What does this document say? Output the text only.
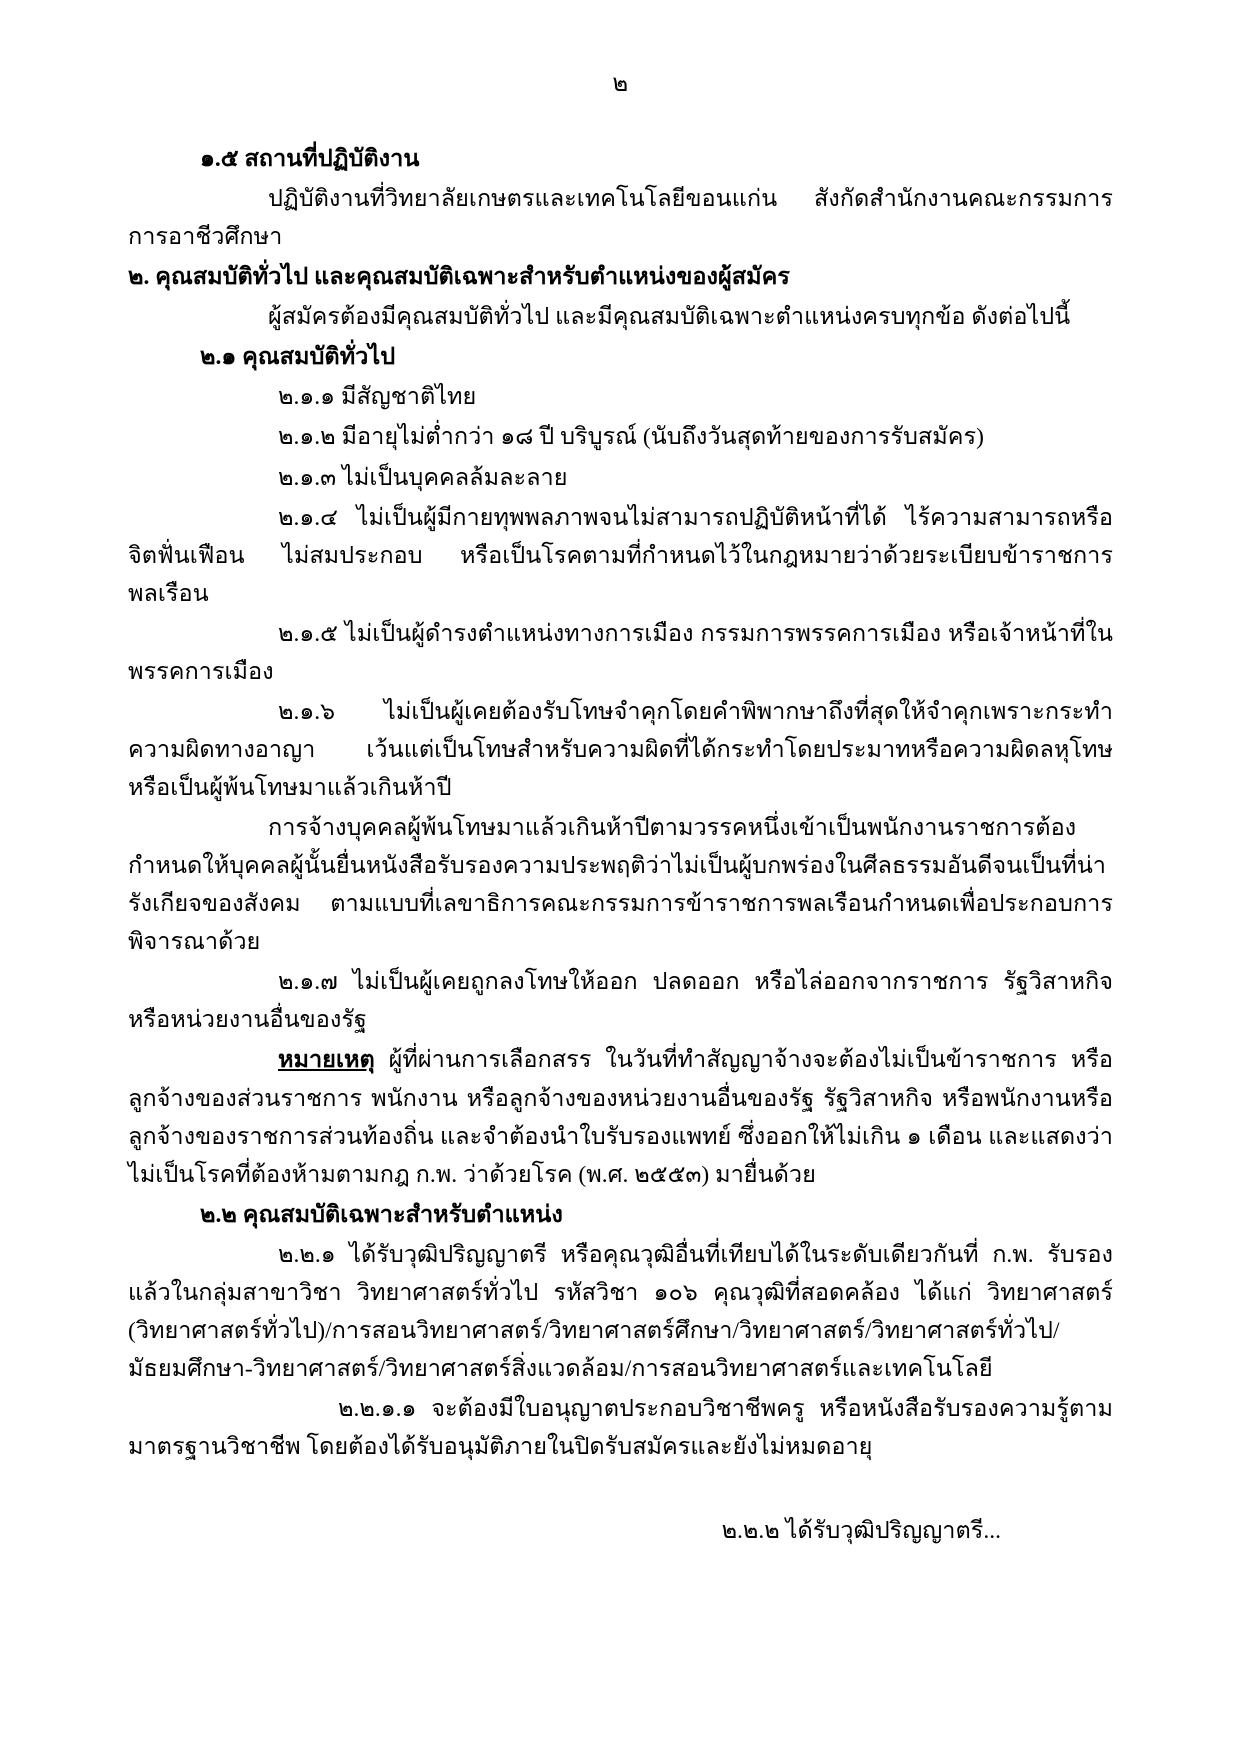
๒

๑.๕ สถานที่ปฏิบัติงาน

ปฏิบัติงานที่วิทยาลัยเกษตรและเทคโนโลยีขอนแก่น สังกัดสำนักงานคณะกรรมการการอาชีวศึกษา

๒. คุณสมบัติทั่วไป และคุณสมบัติเฉพาะสำหรับตำแหน่งของผู้สมัคร

ผู้สมัครต้องมีคุณสมบัติทั่วไป และมีคุณสมบัติเฉพาะตำแหน่งครบทุกข้อ ดังต่อไปนี้

๒.๑ คุณสมบัติทั่วไป

๒.๑.๑ มีสัญชาติไทย

๒.๑.๒ มีอายุไม่ต่ำกว่า ๑๘ ปี บริบูรณ์ (นับถึงวันสุดท้ายของการรับสมัคร)

๒.๑.๓ ไม่เป็นบุคคลล้มละลาย

๒.๑.๔ ไม่เป็นผู้มีกายทุพพลภาพจนไม่สามารถปฏิบัติหน้าที่ได้ ไร้ความสามารถหรือจิตฟั่นเฟือน ไม่สมประกอบ หรือเป็นโรคตามที่กำหนดไว้ในกฎหมายว่าด้วยระเบียบข้าราชการพลเรือน

๒.๑.๕ ไม่เป็นผู้ดำรงตำแหน่งทางการเมือง กรรมการพรรคการเมือง หรือเจ้าหน้าที่ในพรรคการเมือง

๒.๑.๖ ไม่เป็นผู้เคยต้องรับโทษจำคุกโดยคำพิพากษาถึงที่สุดให้จำคุกเพราะกระทำความผิดทางอาญา เว้นแต่เป็นโทษสำหรับความผิดที่ได้กระทำโดยประมาทหรือความผิดลหุโทษ หรือเป็นผู้พ้นโทษมาแล้วเกินห้าปี

การจ้างบุคคลผู้พ้นโทษมาแล้วเกินห้าปีตามวรรคหนึ่งเข้าเป็นพนักงานราชการต้องกำหนดให้บุคคลผู้นั้นยื่นหนังสือรับรองความประพฤติว่าไม่เป็นผู้บกพร่องในศีลธรรมอันดีจนเป็นที่น่ารังเกียจของสังคม ตามแบบที่เลขาธิการคณะกรรมการข้าราชการพลเรือนกำหนดเพื่อประกอบการพิจารณาด้วย

๒.๑.๗ ไม่เป็นผู้เคยถูกลงโทษให้ออก ปลดออก หรือไล่ออกจากราชการ รัฐวิสาหกิจ หรือหน่วยงานอื่นของรัฐ

หมายเหตุ ผู้ที่ผ่านการเลือกสรร ในวันที่ทำสัญญาจ้างจะต้องไม่เป็นข้าราชการ หรือลูกจ้างของส่วนราชการ พนักงาน หรือลูกจ้างของหน่วยงานอื่นของรัฐ รัฐวิสาหกิจ หรือพนักงานหรือลูกจ้างของราชการส่วนท้องถิ่น และจำต้องนำใบรับรองแพทย์ ซึ่งออกให้ไม่เกิน ๑ เดือน และแสดงว่าไม่เป็นโรคที่ต้องห้ามตามกฎ ก.พ. ว่าด้วยโรค (พ.ศ. ๒๕๕๓) มายื่นด้วย

๒.๒ คุณสมบัติเฉพาะสำหรับตำแหน่ง

๒.๒.๑ ได้รับวุฒิปริญญาตรี หรือคุณวุฒิอื่นที่เทียบได้ในระดับเดียวกันที่ ก.พ. รับรองแล้วในกลุ่มสาขาวิชา วิทยาศาสตร์ทั่วไป รหัสวิชา ๑๐๖ คุณวุฒิที่สอดคล้อง ได้แก่ วิทยาศาสตร์ (วิทยาศาสตร์ทั่วไป)/การสอนวิทยาศาสตร์/วิทยาศาสตร์ศึกษา/วิทยาศาสตร์/วิทยาศาสตร์ทั่วไป/มัธยมศึกษา-วิทยาศาสตร์/วิทยาศาสตร์สิ่งแวดล้อม/การสอนวิทยาศาสตร์และเทคโนโลยี

๒.๒.๑.๑ จะต้องมีใบอนุญาตประกอบวิชาชีพครู หรือหนังสือรับรองความรู้ตามมาตรฐานวิชาชีพ โดยต้องได้รับอนุมัติภายในปิดรับสมัครและยังไม่หมดอายุ

๒.๒.๒ ได้รับวุฒิปริญญาตรี...
